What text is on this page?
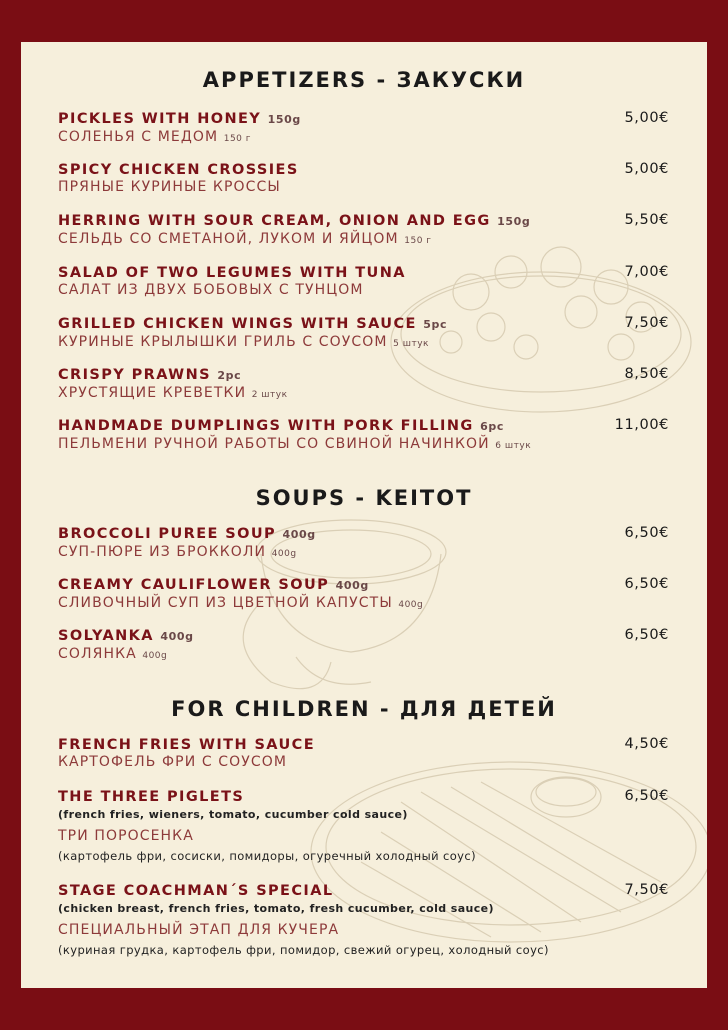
APPETIZERS - ЗАКУСКИ
PICKLES WITH HONEY 150g
СОЛЕНЬЯ С МЕДОМ 150 г
5,00€
SPICY CHICKEN CROSSIES
ПРЯНЫЕ КУРИНЫЕ КРОССЫ
5,00€
HERRING WITH SOUR CREAM, ONION AND EGG 150g
СЕЛЬДЬ СО СМЕТАНОЙ, ЛУКОМ И ЯЙЦОМ 150 г
5,50€
SALAD OF TWO LEGUMES WITH TUNA
САЛАТ ИЗ ДВУХ БОБОВЫХ С ТУНЦОМ
7,00€
GRILLED CHICKEN WINGS WITH SAUCE 5pc
КУРИНЫЕ КРЫЛЫШКИ ГРИЛЬ С СОУСОМ 5 штук
7,50€
CRISPY PRAWNS 2pc
ХРУСТЯЩИЕ КРЕВЕТКИ 2 штук
8,50€
HANDMADE DUMPLINGS WITH PORK FILLING 6pc
ПЕЛЬМЕНИ РУЧНОЙ РАБОТЫ СО СВИНОЙ НАЧИНКОЙ 6 штук
11,00€
SOUPS - KEITOT
BROCCOLI PUREE SOUP 400g
СУП-ПЮРЕ ИЗ БРОККОЛИ 400g
6,50€
CREAMY CAULIFLOWER SOUP 400g
СЛИВОЧНЫЙ СУП ИЗ ЦВЕТНОЙ КАПУСТЫ 400g
6,50€
SOLYANKA 400g
СОЛЯНКА 400g
6,50€
FOR CHILDREN - ДЛЯ ДЕТЕЙ
FRENCH FRIES WITH SAUCE
КАРТОФЕЛЬ ФРИ С СОУСОМ
4,50€
THE THREE PIGLETS
(french fries, wieners, tomato, cucumber cold sauce)
ТРИ ПОРОСЕНКА
(картофель фри, сосиски, помидоры, огуречный холодный соус)
6,50€
STAGE COACHMAN´S SPECIAL
(chicken breast, french fries, tomato, fresh cucumber, cold sauce)
СПЕЦИАЛЬНЫЙ ЭТАП ДЛЯ КУЧЕРА
(куриная грудка, картофель фри, помидор, свежий огурец, холодный соус)
7,50€
